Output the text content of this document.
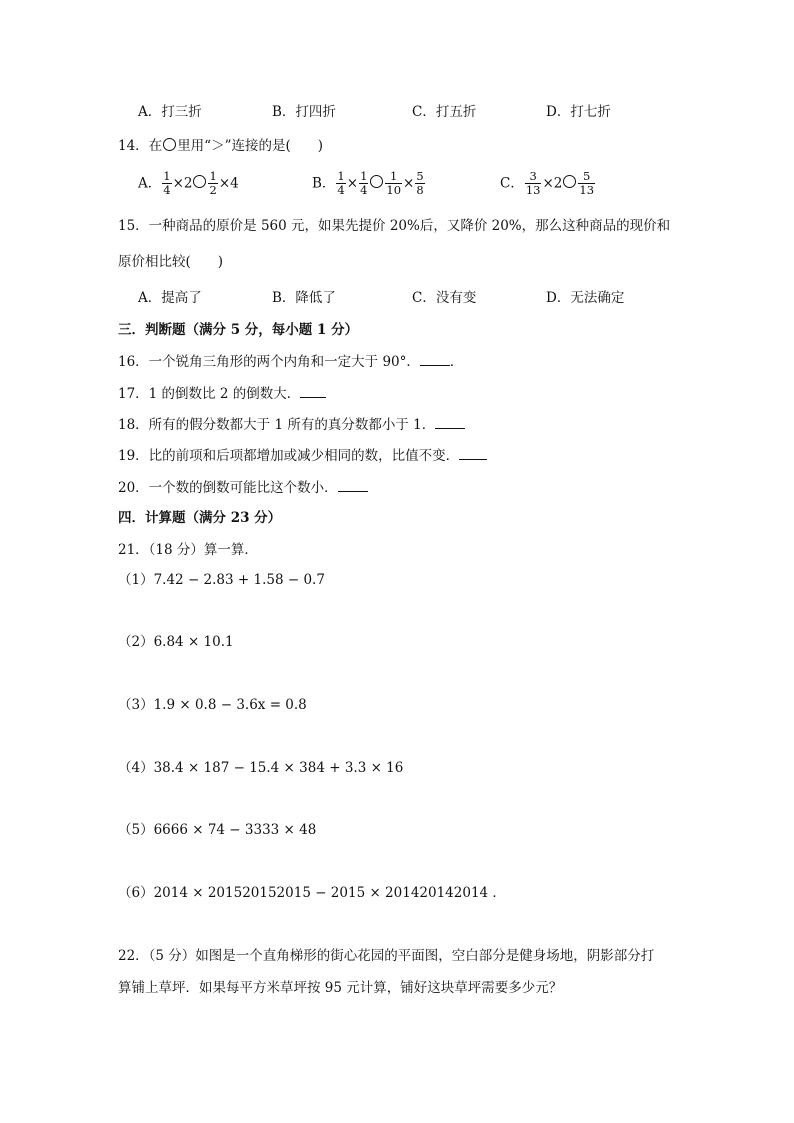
A．打三折	B．打四折	C．打五折	D．打七折
14．在 里用“＞”连接的是(　　)
A． $\frac{1}{4} \times 2 \frac{1}{2} \times 4$	B． $\frac{1}{4} \times \frac{1}{4} \frac{1}{10} \times \frac{5}{8}$	C． $\frac{3}{13} \times 2 \frac{5}{13}$
15．一种商品的原价是 560 元，如果先提价 20%后，又降价 20%，那么这种商品的现价和
原价相比较(　　)
A．提高了	B．降低了	C．没有变	D．无法确定
三．判断题（满分 5 分，每小题 1 分）
16．一个锐角三角形的两个内角和一定大于 90°． ．
17．1 的倒数比 2 的倒数大．
18．所有的假分数都大于 1 所有的真分数都小于 1．
19．比的前项和后项都增加或减少相同的数，比值不变．
20．一个数的倒数可能比这个数小．
四．计算题（满分 23 分）
21．（18 分）算一算．
（1）7.42 − 2.83 + 1.58 − 0.7
（2）6.84 × 10.1
（3）1.9 × 0.8 − 3.6x = 0.8
（4）38.4 × 187 − 15.4 × 384 + 3.3 × 16
（5）6666 × 74 − 3333 × 48
（6）2014 × 201520152015 − 2015 × 201420142014 ．
22．（5 分）如图是一个直角梯形的街心花园的平面图，空白部分是健身场地，阴影部分打
算铺上草坪．如果每平方米草坪按 95 元计算，铺好这块草坪需要多少元？
